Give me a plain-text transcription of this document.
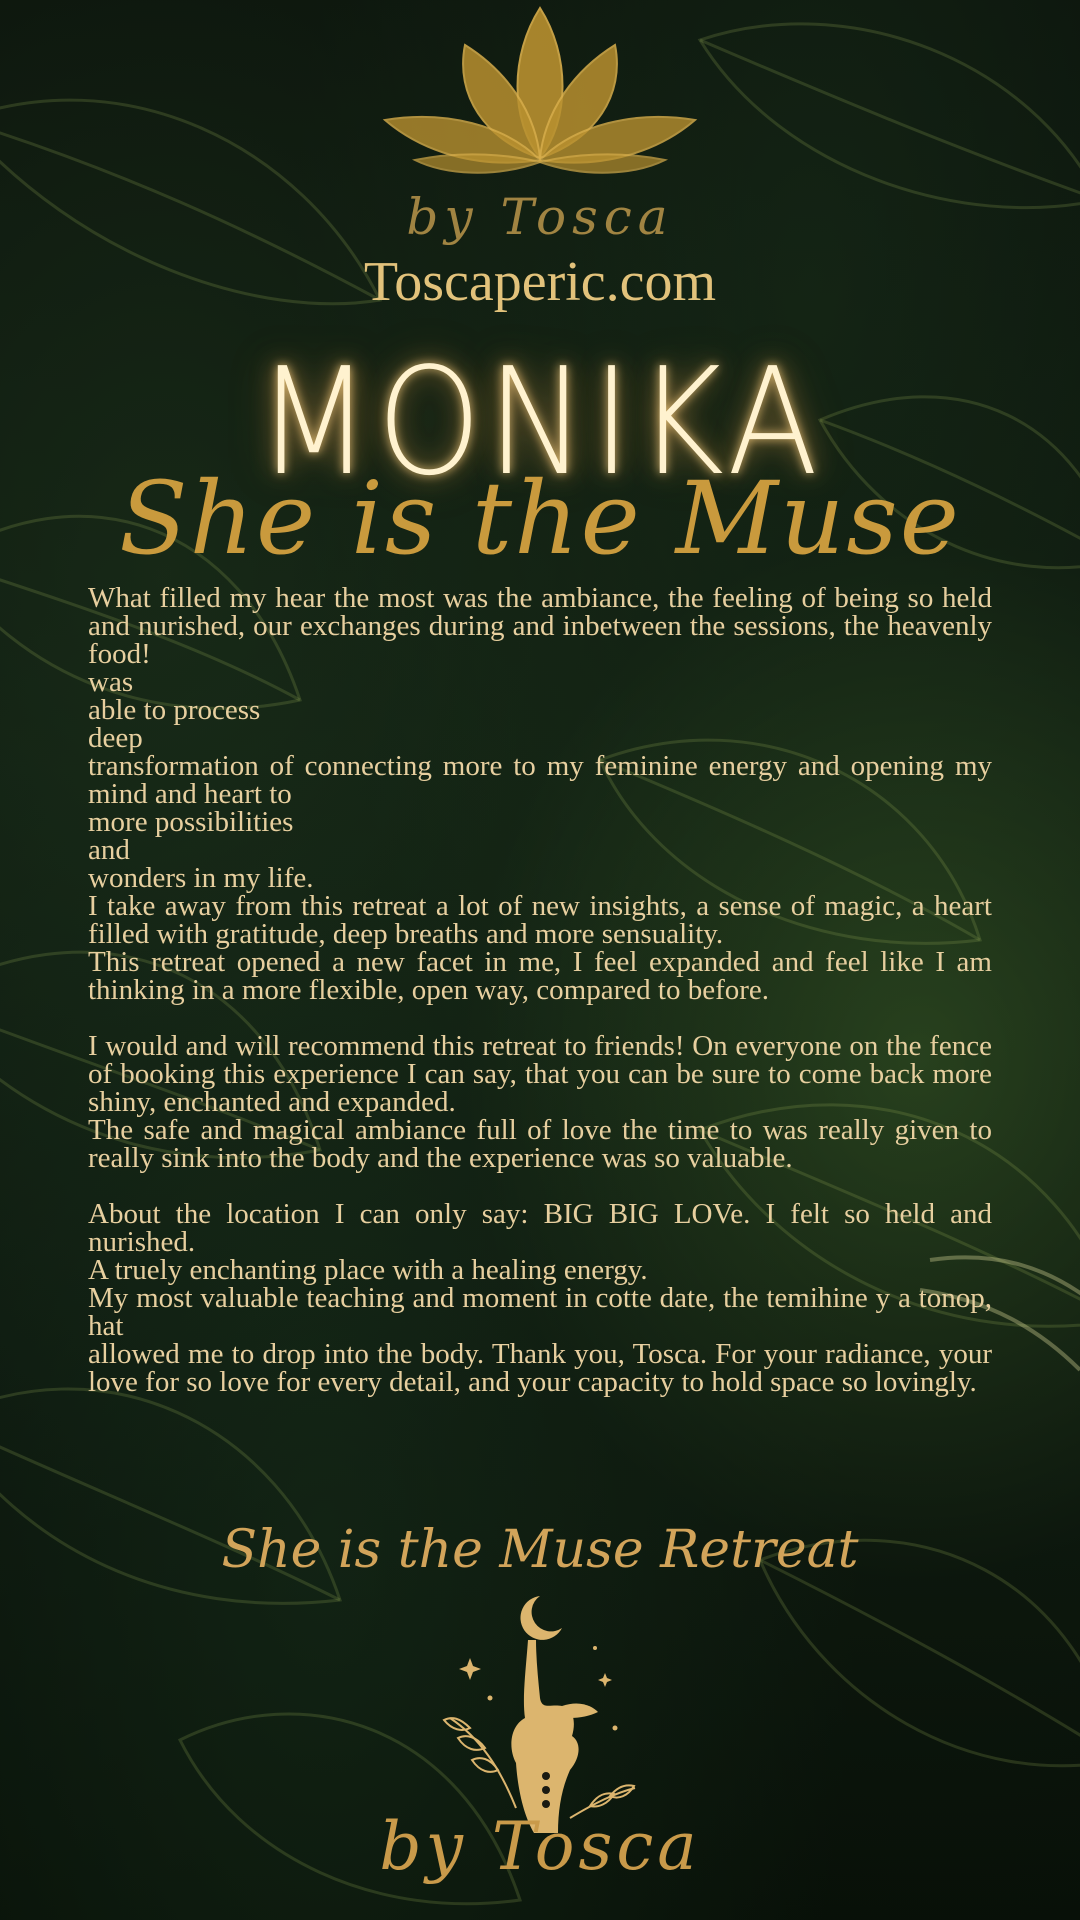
by Tosca
Toscaperic.com
MONIKA
She is the Muse

What filled my hear the most was the ambiance, the feeling of being so held and nurished, our exchanges during and inbetween the sessions, the heavenly food!

was

able to process

deep

transformation of connecting more to my feminine energy and opening my mind and heart to

more possibilities

and

wonders in my life.

I take away from this retreat a lot of new insights, a sense of magic, a heart filled with gratitude, deep breaths and more sensuality.

This retreat opened a new facet in me, I feel expanded and feel like I am thinking in a more flexible, open way, compared to before.

I would and will recommend this retreat to friends! On everyone on the fence of booking this experience I can say, that you can be sure to come back more shiny, enchanted and expanded.

The safe and magical ambiance full of love the time to was really given to really sink into the body and the experience was so valuable.

About the location I can only say: BIG BIG LOVe. I felt so held and nurished.

A truely enchanting place with a healing energy.

My most valuable teaching and moment in cotte date, the temihine y a tonop, hat

allowed me to drop into the body. Thank you, Tosca. For your radiance, your love for so love for every detail, and your capacity to hold space so lovingly.

She is the Muse Retreat
by Tosca
